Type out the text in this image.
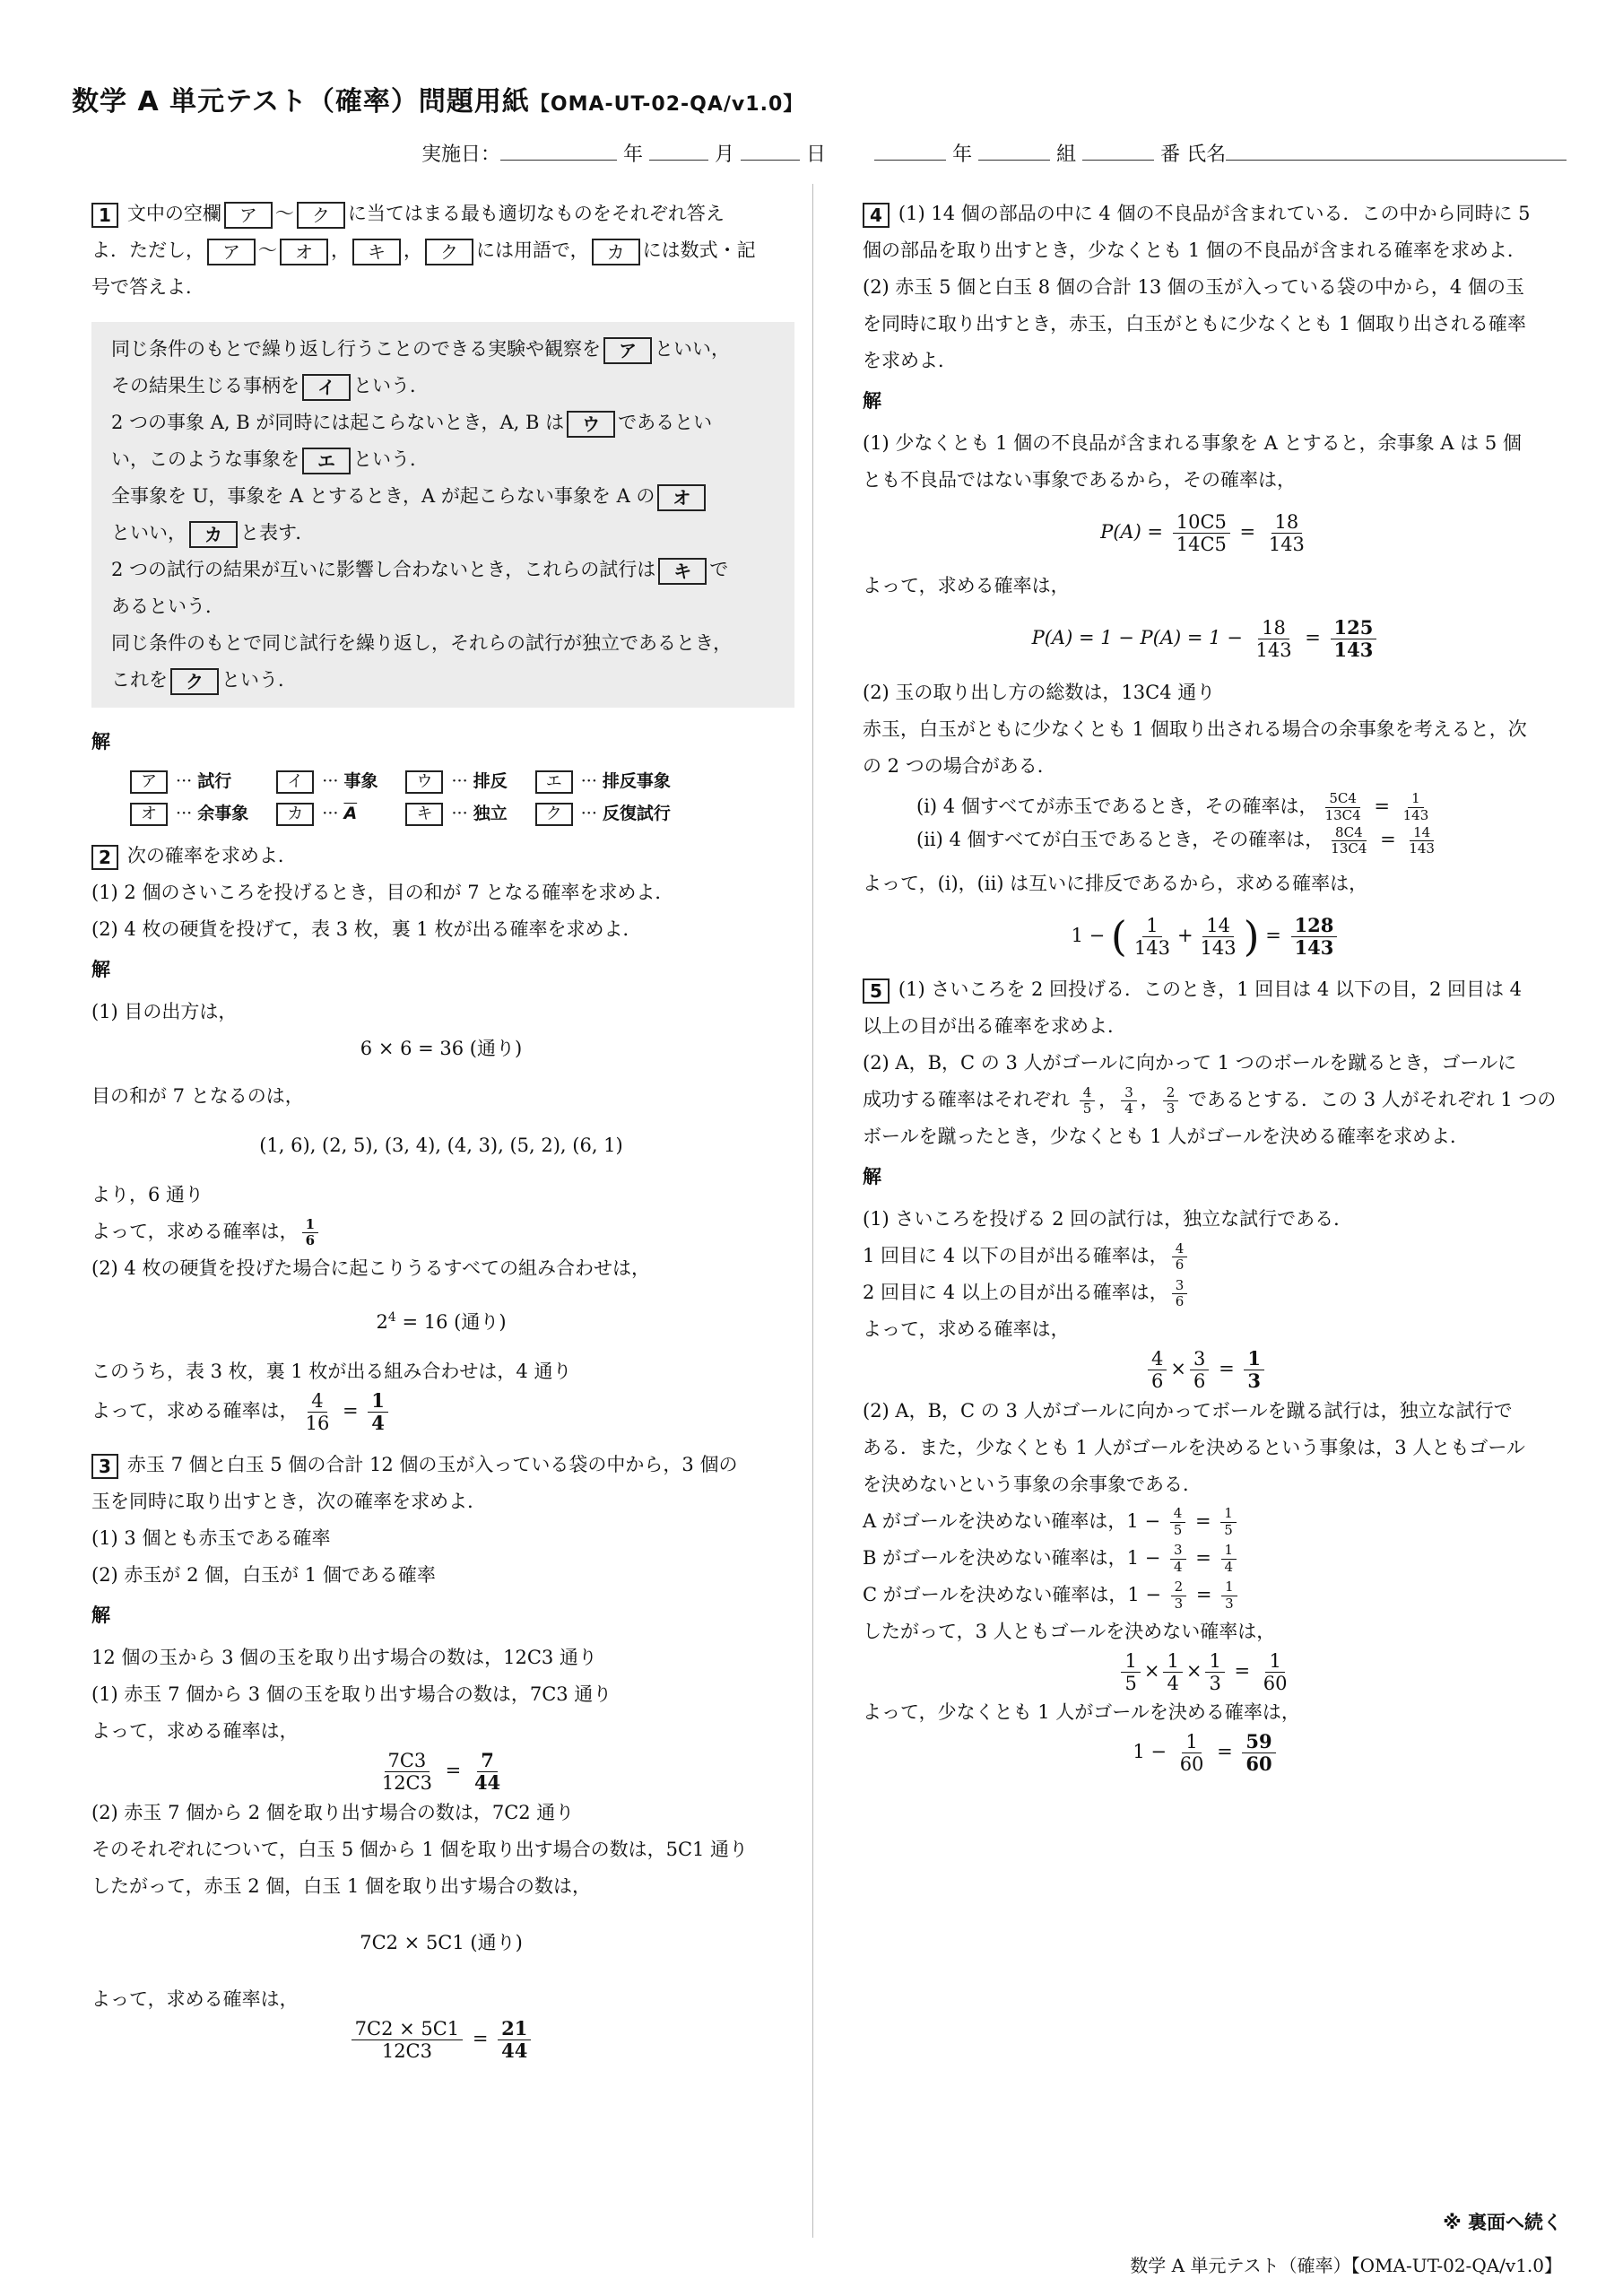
数学 A 単元テスト（確率）問題用紙【OMA-UT-02-QA/v1.0】
実施日：	年	月	日	年	組	番 氏名

1 文中の空欄 ア 〜 ク に当てはまる最も適切なものをそれぞれ答え

よ．ただし， ア 〜 オ ， キ ， ク には用語で， カ には数式・記

号で答えよ．

同じ条件のもとで繰り返し行うことのできる実験や観察を ア といい，

その結果生じる事柄を イ という．

2 つの事象 A, B が同時には起こらないとき，A, B は ウ であるとい

い，このような事象を エ という．

全事象を U，事象を A とするとき，A が起こらない事象を A の オ

といい， カ と表す．

2 つの試行の結果が互いに影響し合わないとき，これらの試行は キ で

あるという．

同じ条件のもとで同じ試行を繰り返し，それらの試行が独立であるとき，

これを ク という．

解

ア ··· 試行	イ ··· 事象	ウ ··· 排反	エ ··· 排反事象
オ ··· 余事象	カ ··· $\overline{A}$	キ ··· 独立	ク ··· 反復試行

2 次の確率を求めよ．

(1) 2 個のさいころを投げるとき，目の和が 7 となる確率を求めよ．

(2) 4 枚の硬貨を投げて，表 3 枚，裏 1 枚が出る確率を求めよ．

解

(1) 目の出方は，

6 × 6 = 36 (通り)

目の和が 7 となるのは，

(1, 6), (2, 5), (3, 4), (4, 3), (5, 2), (6, 1)

より，6 通り

よって，求める確率は， $\frac{1}{6}$

(2) 4 枚の硬貨を投げた場合に起こりうるすべての組み合わせは，

$2^4 = 16$ (通り)

このうち，表 3 枚，裏 1 枚が出る組み合わせは，4 通り

よって，求める確率は， $\frac{4}{16} = \frac{1}{4}$

3 赤玉 7 個と白玉 5 個の合計 12 個の玉が入っている袋の中から，3 個の

玉を同時に取り出すとき，次の確率を求めよ．

(1) 3 個とも赤玉である確率

(2) 赤玉が 2 個，白玉が 1 個である確率

解

12 個の玉から 3 個の玉を取り出す場合の数は，12C3 通り

(1) 赤玉 7 個から 3 個の玉を取り出す場合の数は，7C3 通り

よって，求める確率は，

$\frac{7C3}{12C3} = \frac{7}{44}$

(2) 赤玉 7 個から 2 個を取り出す場合の数は，7C2 通り

そのそれぞれについて，白玉 5 個から 1 個を取り出す場合の数は，5C1 通り

したがって，赤玉 2 個，白玉 1 個を取り出す場合の数は，

7C2 × 5C1 (通り)

よって，求める確率は，

$\frac{7C2 \times 5C1}{12C3} = \frac{21}{44}$

4 (1) 14 個の部品の中に 4 個の不良品が含まれている．この中から同時に 5

個の部品を取り出すとき，少なくとも 1 個の不良品が含まれる確率を求めよ．

(2) 赤玉 5 個と白玉 8 個の合計 13 個の玉が入っている袋の中から，4 個の玉

を同時に取り出すとき，赤玉，白玉がともに少なくとも 1 個取り出される確率

を求めよ．

解

(1) 少なくとも 1 個の不良品が含まれる事象を A とすると，余事象 A は 5 個

とも不良品ではない事象であるから，その確率は，

$P(A) = \frac{10C5}{14C5} = \frac{18}{143}$

よって，求める確率は，

$P(A) = 1 - P(A) = 1 - \frac{18}{143} = \frac{125}{143}$

(2) 玉の取り出し方の総数は，13C4 通り

赤玉，白玉がともに少なくとも 1 個取り出される場合の余事象を考えると，次

の 2 つの場合がある．

(i) 4 個すべてが赤玉であるとき，その確率は， $\frac{5C4}{13C4} = \frac{1}{143}$

(ii) 4 個すべてが白玉であるとき，その確率は， $\frac{8C4}{13C4} = \frac{14}{143}$

よって，(i)，(ii) は互いに排反であるから，求める確率は，

1 − ( $\frac{1}{143} + \frac{14}{143}$ ) = $\frac{128}{143}$

5 (1) さいころを 2 回投げる．このとき，1 回目は 4 以下の目，2 回目は 4

以上の目が出る確率を求めよ．

(2) A，B，C の 3 人がゴールに向かって 1 つのボールを蹴るとき，ゴールに

成功する確率はそれぞれ $\frac{4}{5}$ ， $\frac{3}{4}$ ， $\frac{2}{3}$ であるとする．この 3 人がそれぞれ 1 つの

ボールを蹴ったとき，少なくとも 1 人がゴールを決める確率を求めよ．

解

(1) さいころを投げる 2 回の試行は，独立な試行である．

1 回目に 4 以下の目が出る確率は， $\frac{4}{6}$

2 回目に 4 以上の目が出る確率は， $\frac{3}{6}$

よって，求める確率は，

$\frac{4}{6} \times \frac{3}{6} = \frac{1}{3}$

(2) A，B，C の 3 人がゴールに向かってボールを蹴る試行は，独立な試行で

ある．また，少なくとも 1 人がゴールを決めるという事象は，3 人ともゴール

を決めないという事象の余事象である．

A がゴールを決めない確率は，$1 - \frac{4}{5} = \frac{1}{5}$

B がゴールを決めない確率は，$1 - \frac{3}{4} = \frac{1}{4}$

C がゴールを決めない確率は，$1 - \frac{2}{3} = \frac{1}{3}$

したがって，3 人ともゴールを決めない確率は，

$\frac{1}{5} \times \frac{1}{4} \times \frac{1}{3} = \frac{1}{60}$

よって，少なくとも 1 人がゴールを決める確率は，

$1 - \frac{1}{60} = \frac{59}{60}$

※ 裏面へ続く
数学 A 単元テスト（確率）【OMA-UT-02-QA/v1.0】
